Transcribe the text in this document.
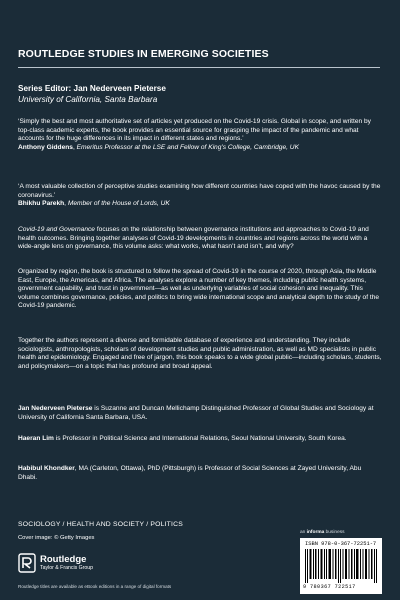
ROUTLEDGE STUDIES IN EMERGING SOCIETIES
Series Editor: Jan Nederveen Pieterse
University of California, Santa Barbara

‘Simply the best and most authoritative set of articles yet produced on the Covid-19 crisis. Global in scope, and written by top-class academic experts, the book provides an essential source for grasping the impact of the pandemic and what accounts for the huge differences in its impact in different states and regions.’

Anthony Giddens, Emeritus Professor at the LSE and Fellow of King’s College, Cambridge, UK

‘A most valuable collection of perceptive studies examining how different countries have coped with the havoc caused by the coronavirus.’

Bhikhu Parekh, Member of the House of Lords, UK

Covid-19 and Governance focuses on the relationship between governance institutions and approaches to Covid-19 and health outcomes. Bringing together analyses of Covid-19 developments in countries and regions across the world with a wide-angle lens on governance, this volume asks: what works, what hasn’t and isn’t, and why?

Organized by region, the book is structured to follow the spread of Covid-19 in the course of 2020, through Asia, the Middle East, Europe, the Americas, and Africa. The analyses explore a number of key themes, including public health systems, government capability, and trust in government—as well as underlying variables of social cohesion and inequality. This volume combines governance, policies, and politics to bring wide international scope and analytical depth to the study of the Covid-19 pandemic.

Together the authors represent a diverse and formidable database of experience and understanding. They include sociologists, anthropologists, scholars of development studies and public administration, as well as MD specialists in public health and epidemiology. Engaged and free of jargon, this book speaks to a wide global public—including scholars, students, and policymakers—on a topic that has profound and broad appeal.

Jan Nederveen Pieterse is Suzanne and Duncan Mellichamp Distinguished Professor of Global Studies and Sociology at University of California Santa Barbara, USA.

Haeran Lim is Professor in Political Science and International Relations, Seoul National University, South Korea.

Habibul Khondker, MA (Carleton, Ottawa), PhD (Pittsburgh) is Professor of Social Sciences at Zayed University, Abu Dhabi.

SOCIOLOGY / HEALTH AND SOCIETY / POLITICS
Cover image: © Getty Images
Routledge
Taylor & Francis Group
Routledge titles are available as eBook editions in a range of digital formats
an informa business
ISBN 978-0-367-72251-7
9 780367 722517
